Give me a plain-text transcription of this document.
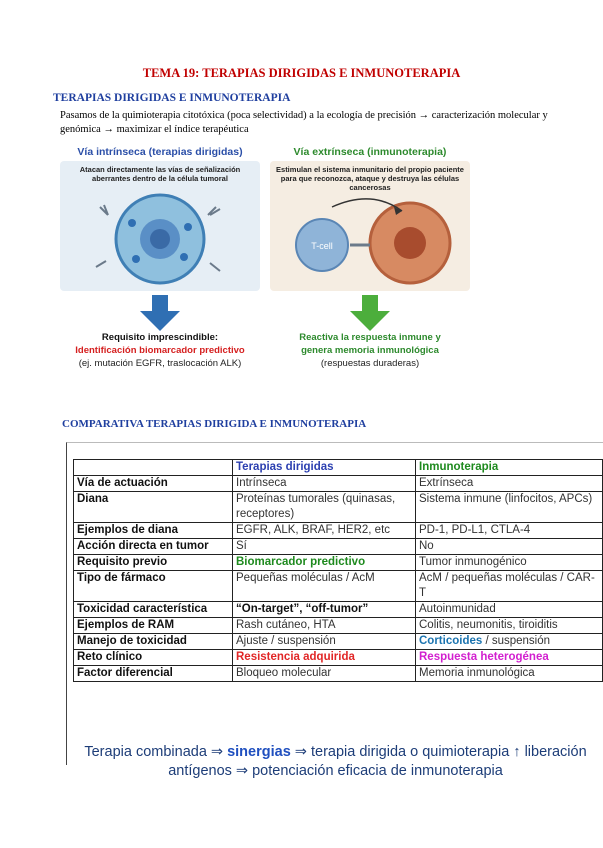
TEMA 19: TERAPIAS DIRIGIDAS E INMUNOTERAPIA
TERAPIAS DIRIGIDAS E INMUNOTERAPIA
Pasamos de la quimioterapia citotóxica (poca selectividad) a la ecología de precisión → caracterización molecular y genómica → maximizar el índice terapéutica
Vía intrínseca (terapias dirigidas)
Atacan directamente las vías de señalización aberrantes dentro de la célula tumoral
Requisito imprescindible:
Identificación biomarcador predictivo
(ej. mutación EGFR, traslocación ALK)
Vía extrínseca (inmunoterapia)
Estimulan el sistema inmunitario del propio paciente para que reconozca, ataque y destruya las células cancerosas
T-cell
Reactiva la respuesta inmune y
genera memoria inmunológica
(respuestas duraderas)
COMPARATIVA TERAPIAS DIRIGIDA E INMUNOTERAPIA
	Terapias dirigidas	Inmunoterapia
Vía de actuación	Intrínseca	Extrínseca
Diana	Proteínas tumorales (quinasas, receptores)	Sistema inmune (linfocitos, APCs)
Ejemplos de diana	EGFR, ALK, BRAF, HER2, etc	PD-1, PD-L1, CTLA-4
Acción directa en tumor	Sí	No
Requisito previo	Biomarcador predictivo	Tumor inmunogénico
Tipo de fármaco	Pequeñas moléculas / AcM	AcM / pequeñas moléculas / CAR-T
Toxicidad característica	“On-target”, “off-tumor”	Autoinmunidad
Ejemplos de RAM	Rash cutáneo, HTA	Colitis, neumonitis, tiroiditis
Manejo de toxicidad	Ajuste / suspensión	Corticoides / suspensión
Reto clínico	Resistencia adquirida	Respuesta heterogénea
Factor diferencial	Bloqueo molecular	Memoria inmunológica
Terapia combinada ⇒ sinergias ⇒ terapia dirigida o quimioterapia ↑ liberación antígenos ⇒ potenciación eficacia de inmunoterapia
